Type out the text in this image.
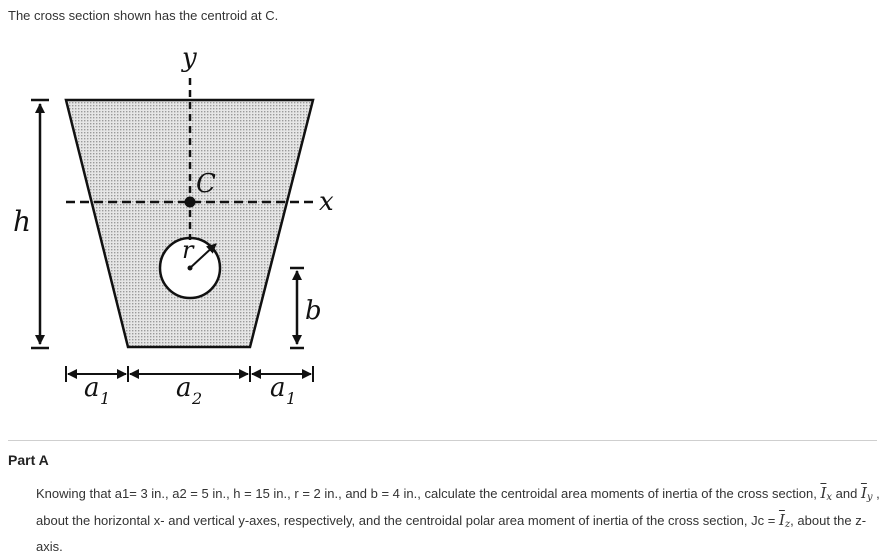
The cross section shown has the centroid at C.
y
x
C
r
h
b
a 1	a 2	a 1
Part A
Knowing that a1= 3 in., a2 = 5 in., h = 15 in., r = 2 in., and b = 4 in., calculate the centroidal area moments of inertia of the cross section, $\overline{I}_x$ and $\overline{I}_y$ , about the horizontal x- and vertical y-axes, respectively, and the centroidal polar area moment of inertia of the cross section, $Jc = \overline{I}_z$, about the z-axis.
